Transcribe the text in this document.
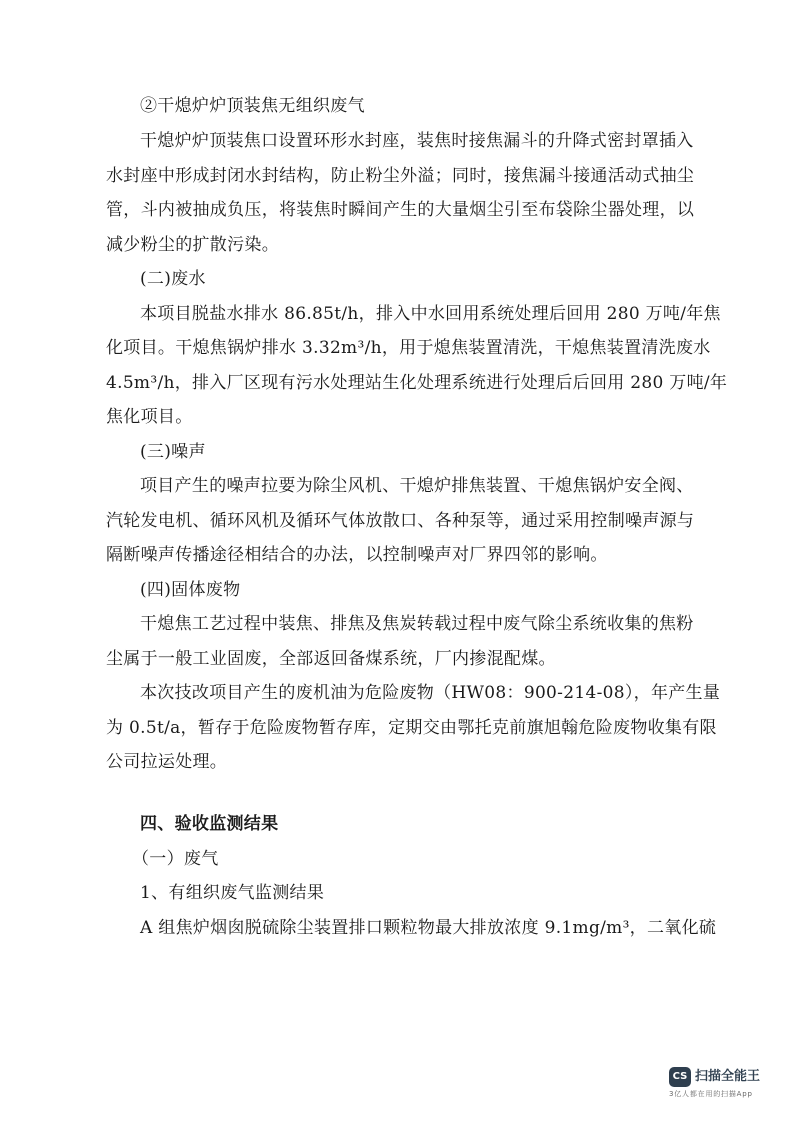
②干熄炉炉顶装焦无组织废气
干熄炉炉顶装焦口设置环形水封座，装焦时接焦漏斗的升降式密封罩插入
水封座中形成封闭水封结构，防止粉尘外溢；同时，接焦漏斗接通活动式抽尘
管，斗内被抽成负压，将装焦时瞬间产生的大量烟尘引至布袋除尘器处理，以
减少粉尘的扩散污染。
(二)废水
本项目脱盐水排水 86.85t/h，排入中水回用系统处理后回用 280 万吨/年焦
化项目。干熄焦锅炉排水 3.32m³/h，用于熄焦装置清洗，干熄焦装置清洗废水
4.5m³/h，排入厂区现有污水处理站生化处理系统进行处理后后回用 280 万吨/年
焦化项目。
(三)噪声
项目产生的噪声拉要为除尘风机、干熄炉排焦装置、干熄焦锅炉安全阀、
汽轮发电机、循环风机及循环气体放散口、各种泵等，通过采用控制噪声源与
隔断噪声传播途径相结合的办法，以控制噪声对厂界四邻的影响。
(四)固体废物
干熄焦工艺过程中装焦、排焦及焦炭转载过程中废气除尘系统收集的焦粉
尘属于一般工业固废，全部返回备煤系统，厂内掺混配煤。
本次技改项目产生的废机油为危险废物（HW08：900-214-08），年产生量
为 0.5t/a，暂存于危险废物暂存库，定期交由鄂托克前旗旭翰危险废物收集有限
公司拉运处理。
四、验收监测结果
（一）废气
1、有组织废气监测结果
A 组焦炉烟囱脱硫除尘装置排口颗粒物最大排放浓度 9.1mg/m³，二氧化硫
CS 扫描全能王
3亿人都在用的扫描App
